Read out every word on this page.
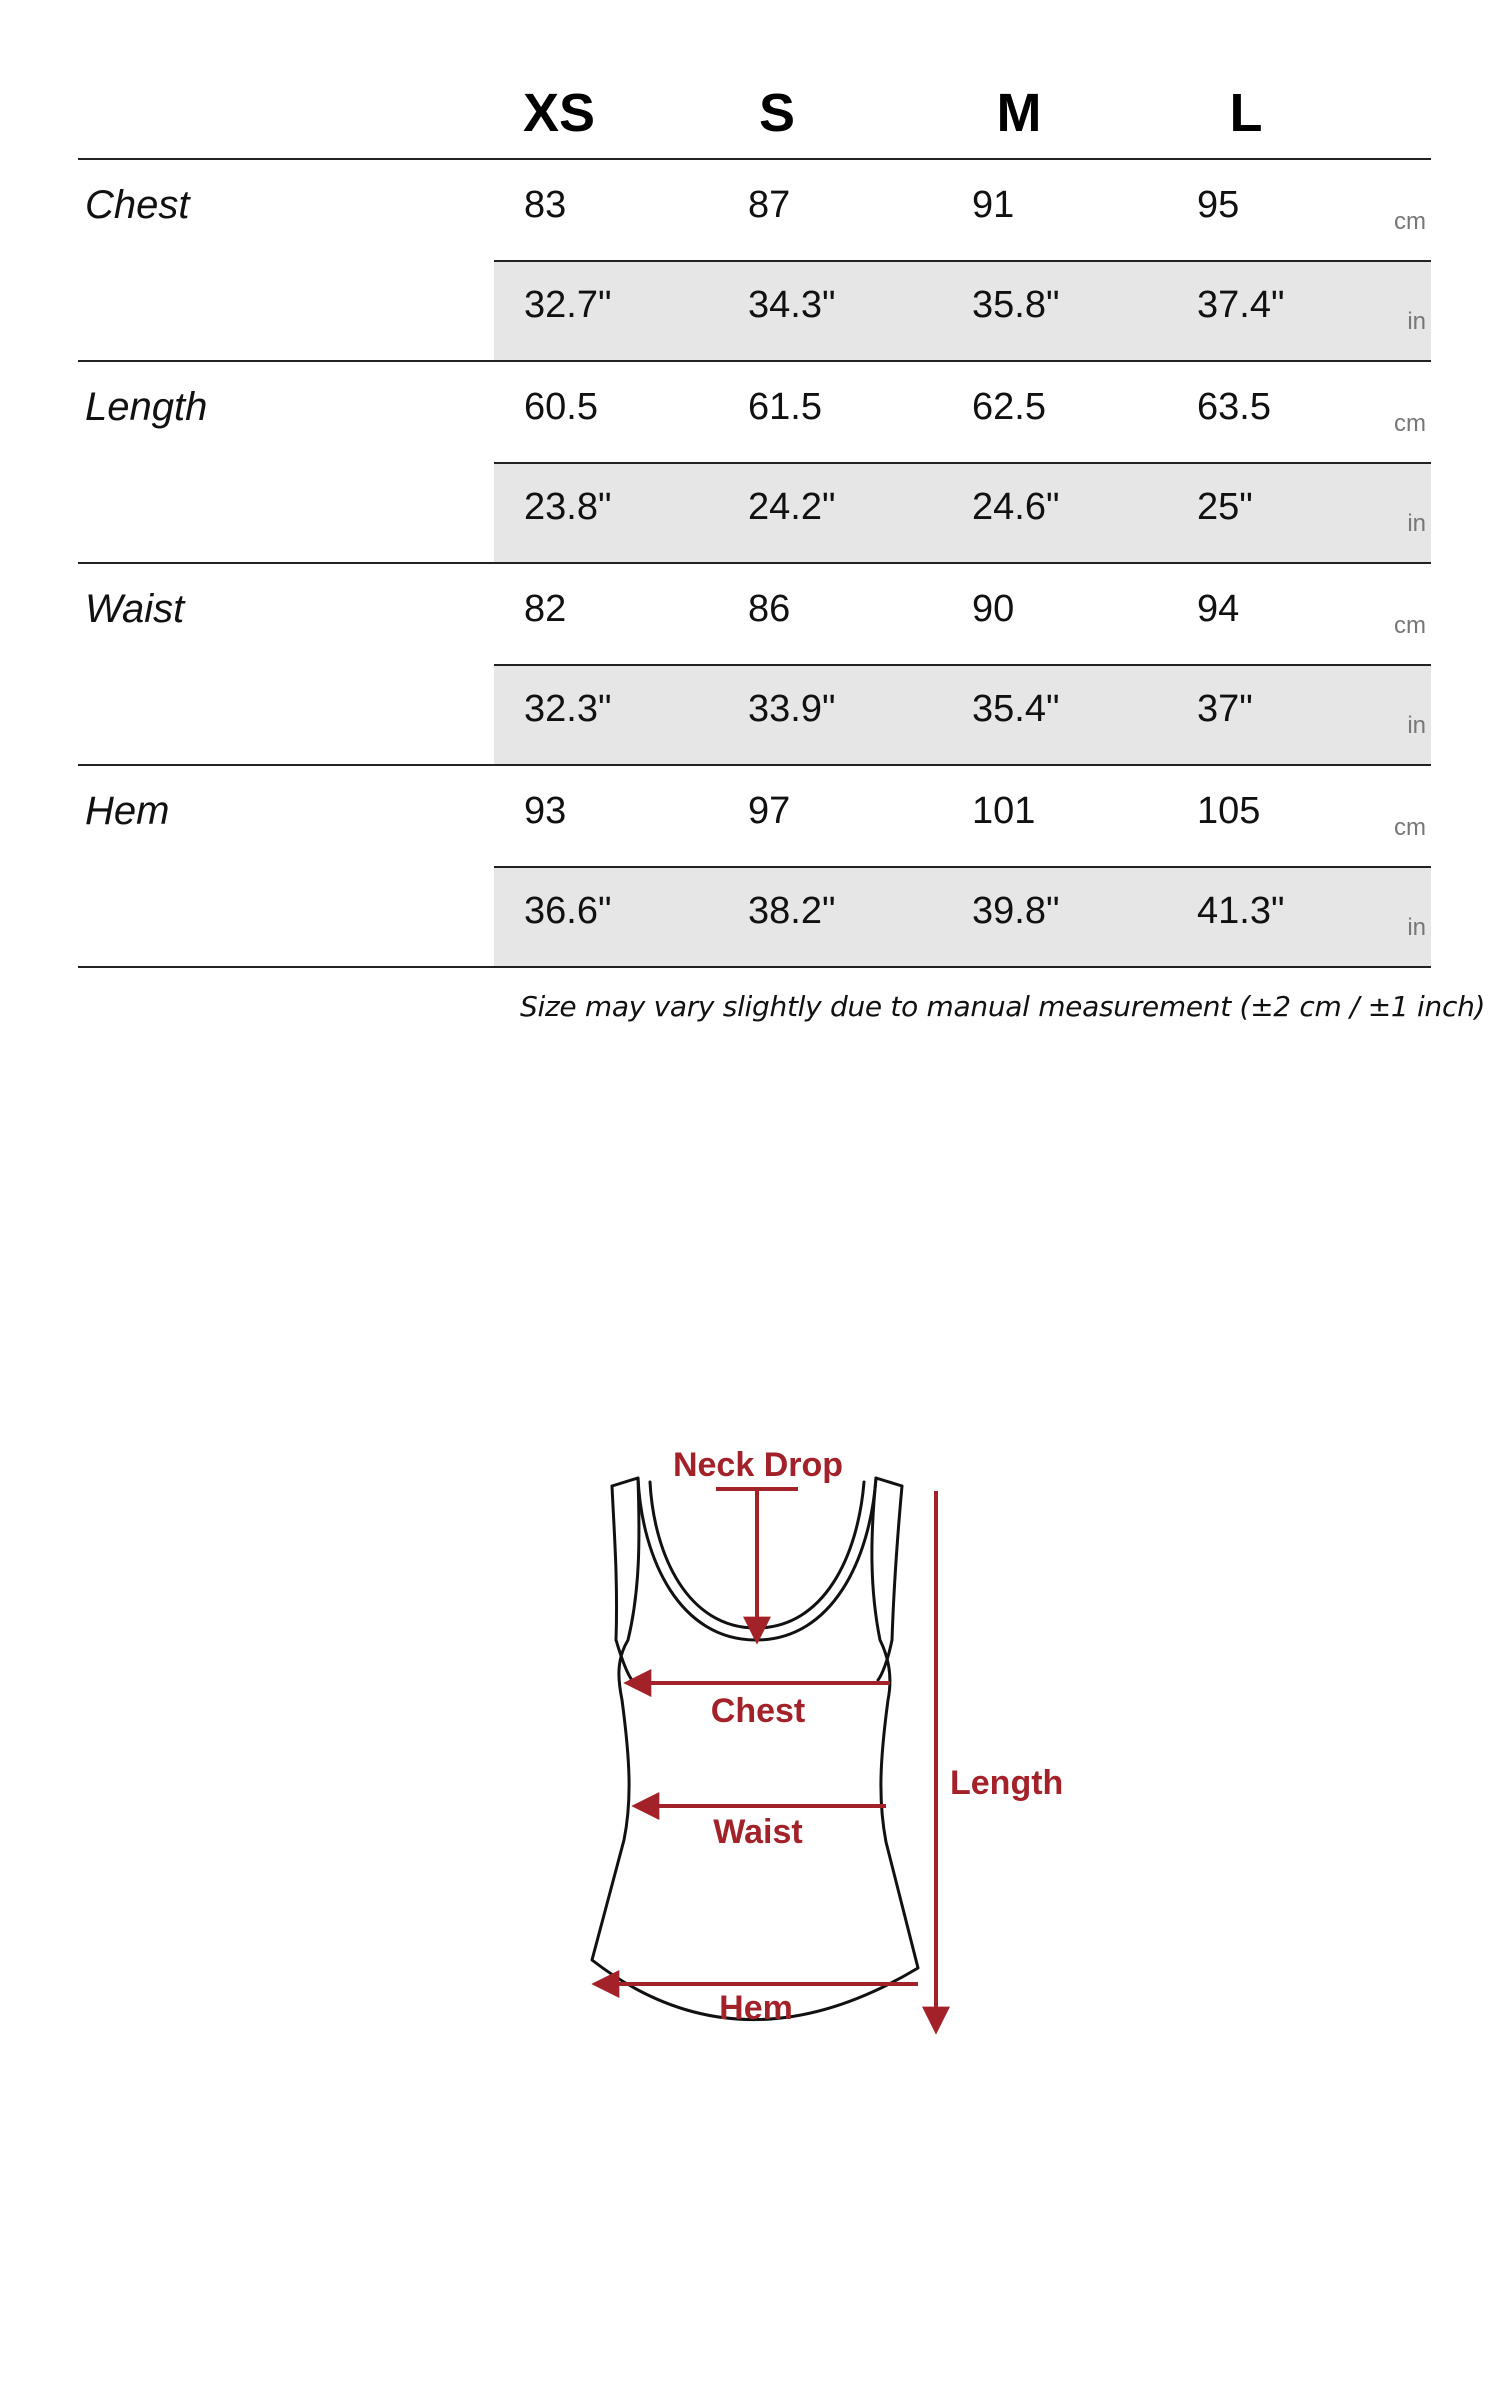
XS	S	M	L
Chest	83	87	91	95	cm
32.7"	34.3"	35.8"	37.4"	in
Length	60.5	61.5	62.5	63.5	cm
23.8"	24.2"	24.6"	25"	in
Waist	82	86	90	94	cm
32.3"	33.9"	35.4"	37"	in
Hem	93	97	101	105	cm
36.6"	38.2"	39.8"	41.3"	in
Size may vary slightly due to manual measurement (±2 cm / ±1 inch)
Neck Drop
Chest
Waist
Hem
Length
